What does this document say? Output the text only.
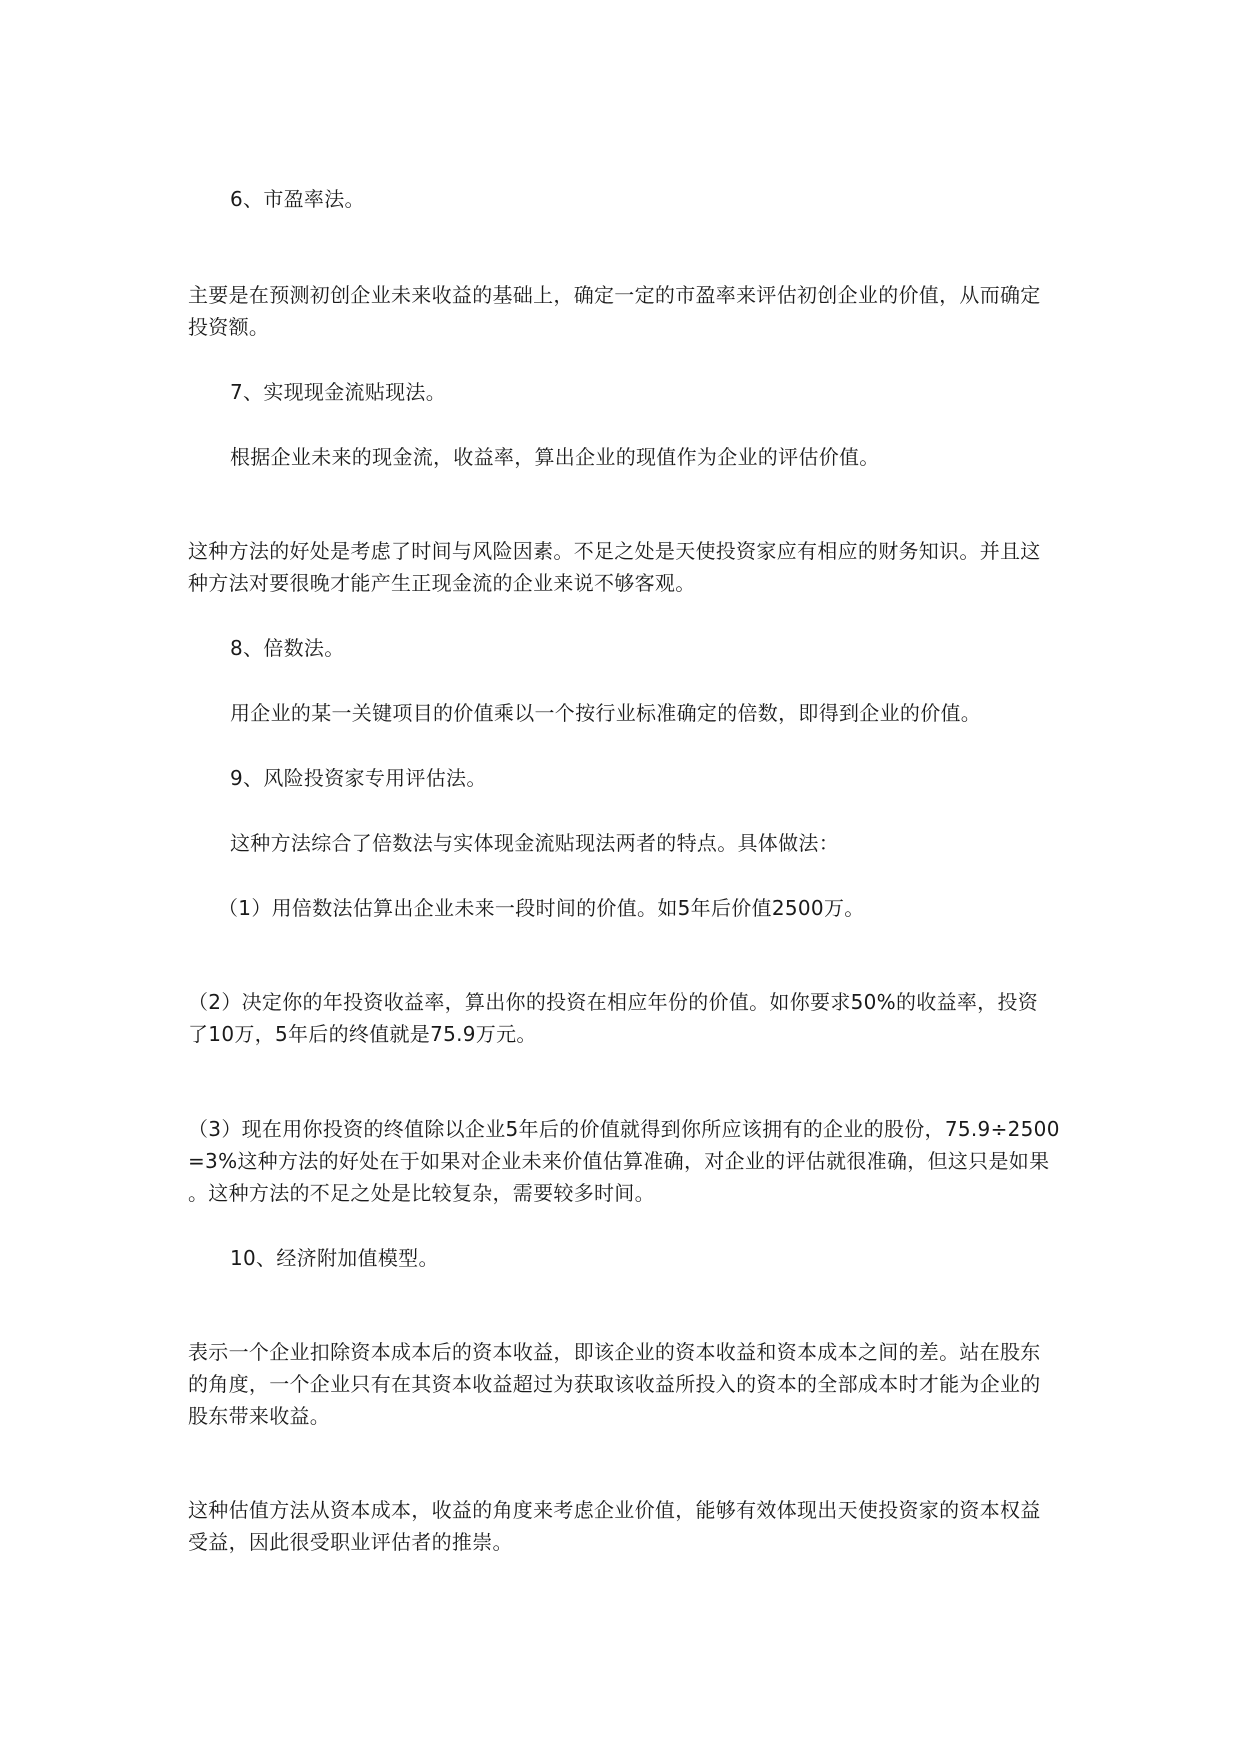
6、市盈率法。
主要是在预测初创企业未来收益的基础上，确定一定的市盈率来评估初创企业的价值，从而确定
投资额。
7、实现现金流贴现法。
根据企业未来的现金流，收益率，算出企业的现值作为企业的评估价值。
这种方法的好处是考虑了时间与风险因素。不足之处是天使投资家应有相应的财务知识。并且这
种方法对要很晚才能产生正现金流的企业来说不够客观。
8、倍数法。
用企业的某一关键项目的价值乘以一个按行业标准确定的倍数，即得到企业的价值。
9、风险投资家专用评估法。
这种方法综合了倍数法与实体现金流贴现法两者的特点。具体做法：
（1）用倍数法估算出企业未来一段时间的价值。如5年后价值2500万。
（2）决定你的年投资收益率，算出你的投资在相应年份的价值。如你要求50%的收益率，投资
了10万，5年后的终值就是75.9万元。
（3）现在用你投资的终值除以企业5年后的价值就得到你所应该拥有的企业的股份，75.9÷2500
=3%这种方法的好处在于如果对企业未来价值估算准确，对企业的评估就很准确，但这只是如果
。这种方法的不足之处是比较复杂，需要较多时间。
10、经济附加值模型。
表示一个企业扣除资本成本后的资本收益，即该企业的资本收益和资本成本之间的差。站在股东
的角度，一个企业只有在其资本收益超过为获取该收益所投入的资本的全部成本时才能为企业的
股东带来收益。
这种估值方法从资本成本，收益的角度来考虑企业价值，能够有效体现出天使投资家的资本权益
受益，因此很受职业评估者的推崇。
